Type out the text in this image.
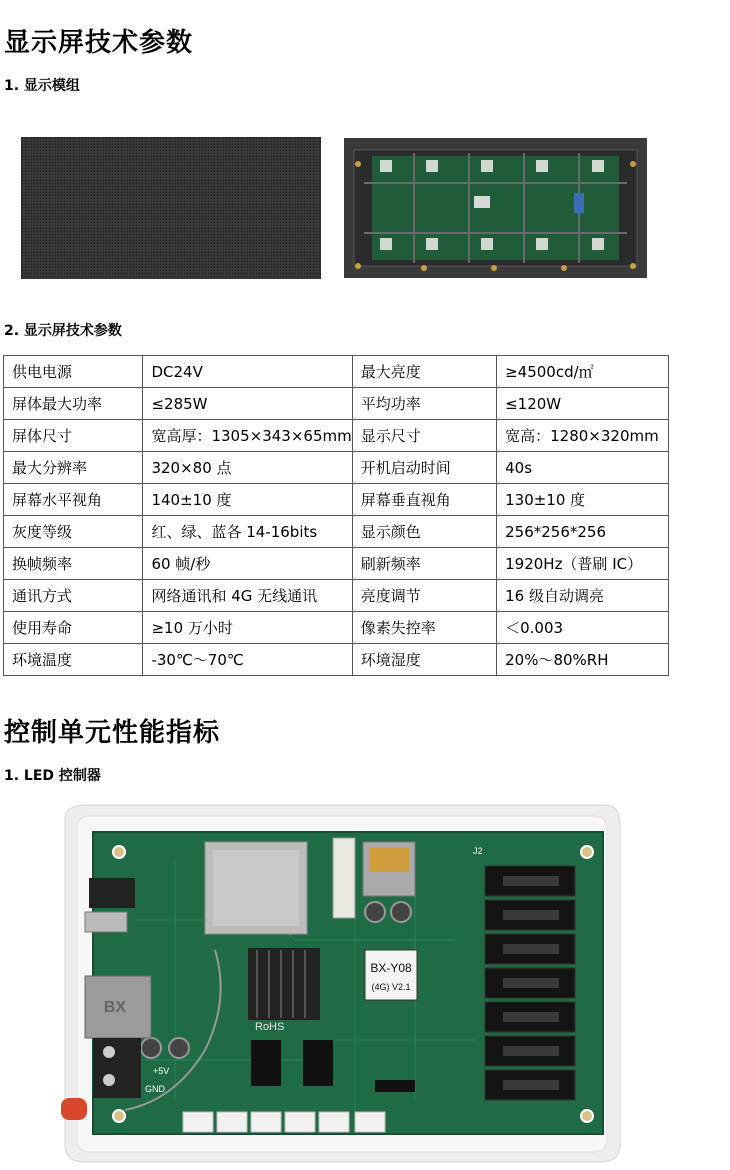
显示屏技术参数
1. 显示模组
2. 显示屏技术参数
供电电源	DC24V	最大亮度	≥4500cd/㎡
屏体最大功率	≤285W	平均功率	≤120W
屏体尺寸	宽高厚：1305×343×65mm	显示尺寸	宽高：1280×320mm
最大分辨率	320×80 点	开机启动时间	40s
屏幕水平视角	140±10 度	屏幕垂直视角	130±10 度
灰度等级	红、绿、蓝各 14-16bits	显示颜色	256*256*256
换帧频率	60 帧/秒	刷新频率	1920Hz（普刷 IC）
通讯方式	网络通讯和 4G 无线通讯	亮度调节	16 级自动调亮
使用寿命	≥10 万小时	像素失控率	＜0.003
环境温度	-30℃～70℃	环境湿度	20%～80%RH
控制单元性能指标
1. LED 控制器
BX-Y08
(4G) V2.1
RoHS
BX
+5V
GND
J2
